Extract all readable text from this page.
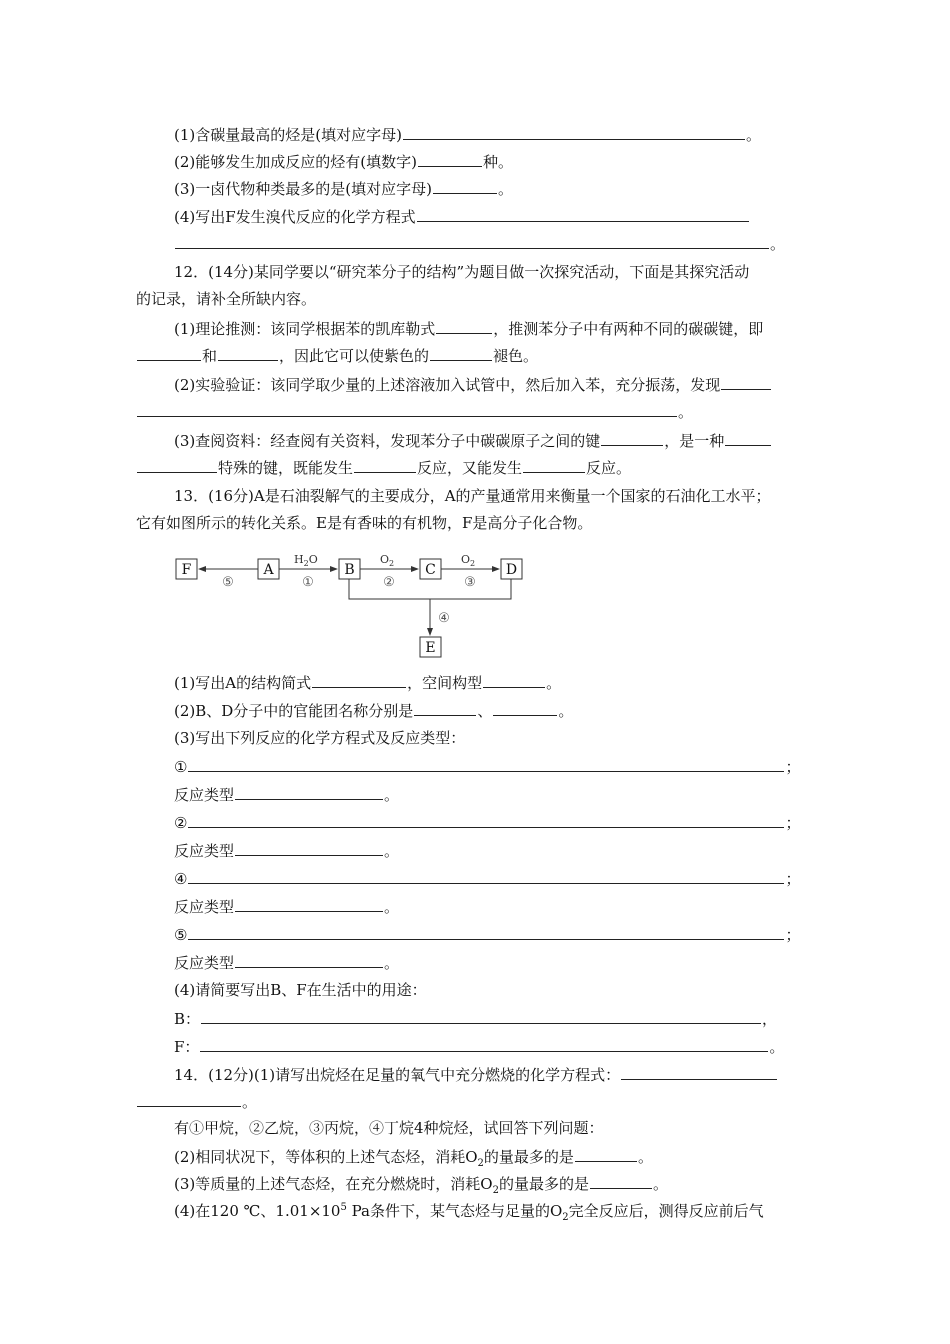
(1)含碳量最高的烃是(填对应字母)	。
(2)能够发生加成反应的烃有(填数字)	种。
(3)一卤代物种类最多的是(填对应字母)	。
(4)写出F发生溴代反应的化学方程式
。
12．(14分)某同学要以“研究苯分子的结构”为题目做一次探究活动，下面是其探究活动
的记录，请补全所缺内容。
(1)理论推测：该同学根据苯的凯库勒式	，推测苯分子中有两种不同的碳碳键，即
和	，因此它可以使紫色的	褪色。
(2)实验验证：该同学取少量的上述溶液加入试管中，然后加入苯，充分振荡，发现
。
(3)查阅资料：经查阅有关资料，发现苯分子中碳碳原子之间的键	，是一种
特殊的键，既能发生	反应，又能发生	反应。
13．(16分)A是石油裂解气的主要成分，A的产量通常用来衡量一个国家的石油化工水平；
它有如图所示的转化关系。E是有香味的有机物，F是高分子化合物。
F	A	B	C	D
E
$H_2O$	$O_2$	$O_2$
⑤	①	②	③
④
(1)写出A的结构简式	，空间构型	。
(2)B、D分子中的官能团名称分别是	、	。
(3)写出下列反应的化学方程式及反应类型：
①	；
反应类型	。
②	；
反应类型	。
④	；
反应类型	。
⑤	；
反应类型	。
(4)请简要写出B、F在生活中的用途：
B：	，
F：	。
14．(12分)(1)请写出烷烃在足量的氧气中充分燃烧的化学方程式：
。
有①甲烷，②乙烷，③丙烷，④丁烷4种烷烃，试回答下列问题：
(2)相同状况下，等体积的上述气态烃，消耗$O_2$的量最多的是	。
(3)等质量的上述气态烃，在充分燃烧时，消耗$O_2$的量最多的是	。
(4)在120 ℃、$1.01\times 10^5$ Pa条件下，某气态烃与足量的$O_2$完全反应后，测得反应前后气
